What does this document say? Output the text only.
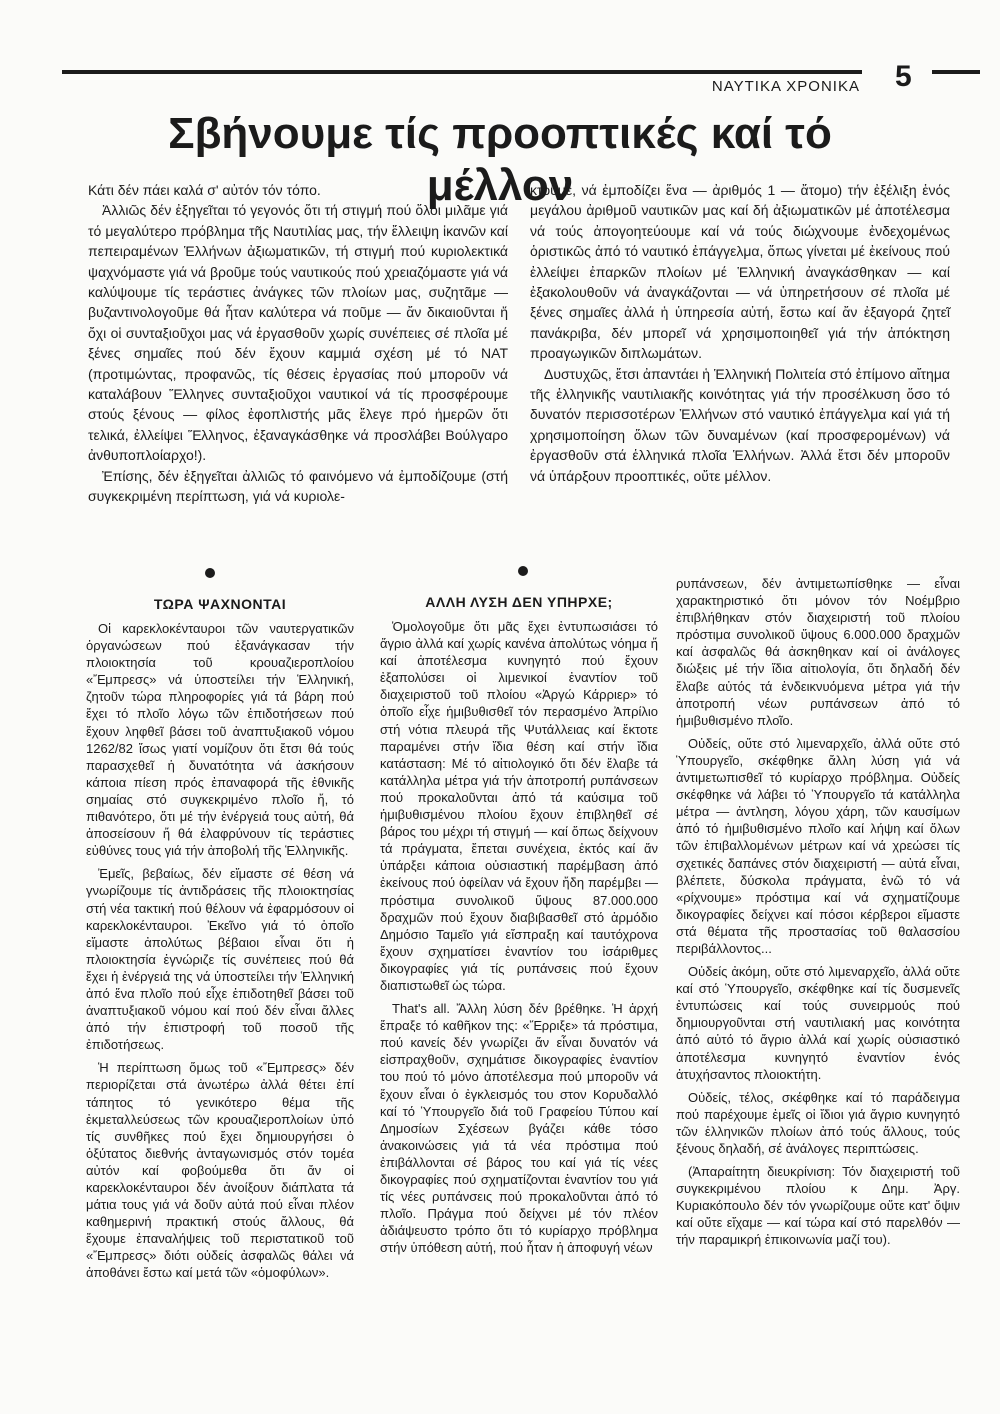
ΝΑΥΤΙΚΑ ΧΡΟΝΙΚΑ 5
Σβήνουμε τίς προοπτικές καί τό μέλλον

Κάτι δέν πάει καλά σ' αὐτόν τόν τόπο.

Ἀλλιῶς δέν ἐξηγεῖται τό γεγονός ὅτι τή στιγμή πού ὅλοι μιλᾶμε γιά τό μεγαλύτερο πρόβλημα τῆς Ναυτιλίας μας, τήν ἔλλειψη ἱκανῶν καί πεπειραμένων Ἑλλήνων ἀξιωματικῶν, τή στιγμή πού κυριολεκτικά ψαχνόμαστε γιά νά βροῦμε τούς ναυτικούς πού χρειαζόμαστε γιά νά καλύψουμε τίς τεράστιες ἀνάγκες τῶν πλοίων μας, συζητᾶμε — βυζαντινολογοῦμε θά ἦταν καλύτερα νά ποῦμε — ἄν δικαιοῦνται ἤ ὄχι οἱ συνταξιοῦχοι μας νά ἐργασθοῦν χωρίς συνέπειες σέ πλοῖα μέ ξένες σημαῖες πού δέν ἔχουν καμμιά σχέση μέ τό ΝΑΤ (προτιμώντας, προφανῶς, τίς θέσεις ἐργασίας πού μποροῦν νά καταλάβουν Ἕλληνες συνταξιοῦχοι ναυτικοί νά τίς προσφέρουμε στούς ξένους — φίλος ἐφοπλιστής μᾶς ἔλεγε πρό ἡμερῶν ὅτι τελικά, ἐλλείψει Ἕλληνος, ἐξαναγκάσθηκε νά προσλάβει Βούλγαρο ἀνθυποπλοίαρχο!).

Ἐπίσης, δέν ἐξηγεῖται ἀλλιῶς τό φαινόμενο νά ἐμποδίζουμε (στή συγκεκριμένη περίπτωση, γιά νά κυριολε-

κτοῦμε, νά ἐμποδίζει ἕνα — ἀριθμός 1 — ἄτομο) τήν ἐξέλιξη ἑνός μεγάλου ἀριθμοῦ ναυτικῶν μας καί δή ἀξιωματικῶν μέ ἀποτέλεσμα νά τούς ἀπογοητεύουμε καί νά τούς διώχνουμε ἐνδεχομένως ὁριστικῶς ἀπό τό ναυτικό ἐπάγγελμα, ὅπως γίνεται μέ ἐκείνους πού ἐλλείψει ἐπαρκῶν πλοίων μέ Ἑλληνική ἀναγκάσθηκαν — καί ἐξακολουθοῦν νά ἀναγκάζονται — νά ὑπηρετήσουν σέ πλοῖα μέ ξένες σημαῖες ἀλλά ἡ ὑπηρεσία αὐτή, ἔστω καί ἄν ἐξαγορά ζητεῖ πανάκριβα, δέν μπορεῖ νά χρησιμοποιηθεῖ γιά τήν ἀπόκτηση προαγωγικῶν διπλωμάτων.

Δυστυχῶς, ἔτσι ἀπαντάει ἡ Ἑλληνική Πολιτεία στό ἐπίμονο αἴτημα τῆς ἑλληνικῆς ναυτιλιακῆς κοινότητας γιά τήν προσέλκυση ὅσο τό δυνατόν περισσοτέρων Ἑλλήνων στό ναυτικό ἐπάγγελμα καί γιά τή χρησιμοποίηση ὅλων τῶν δυναμένων (καί προσφερομένων) νά ἐργασθοῦν στά ἑλληνικά πλοῖα Ἑλλήνων. Ἀλλά ἔτσι δέν μποροῦν νά ὑπάρξουν προοπτικές, οὔτε μέλλον.

ΤΩΡΑ ΨΑΧΝΟΝΤΑΙ

Οἱ καρεκλοκένταυροι τῶν ναυτεργατικῶν ὀργανώσεων πού ἐξανάγκασαν τήν πλοιοκτησία τοῦ κρουαζιεροπλοίου «Ἔμπρεσς» νά ὑποστείλει τήν Ἑλληνική, ζητοῦν τώρα πληροφορίες γιά τά βάρη πού ἔχει τό πλοῖο λόγω τῶν ἐπιδοτήσεων πού ἔχουν ληφθεῖ βάσει τοῦ ἀναπτυξιακοῦ νόμου 1262/82 ἴσως γιατί νομίζουν ὅτι ἔτσι θά τούς παρασχεθεῖ ἡ δυνατότητα νά ἀσκήσουν κάποια πίεση πρός ἐπαναφορά τῆς ἐθνικῆς σημαίας στό συγκεκριμένο πλοῖο ἤ, τό πιθανότερο, ὅτι μέ τήν ἐνέργειά τους αὐτή, θά ἀποσείσουν ἤ θά ἐλαφρύνουν τίς τεράστιες εὐθύνες τους γιά τήν ἀποβολή τῆς Ἑλληνικῆς.

Ἐμεῖς, βεβαίως, δέν εἴμαστε σέ θέση νά γνωρίζουμε τίς ἀντιδράσεις τῆς πλοιοκτησίας στή νέα τακτική πού θέλουν νά ἐφαρμόσουν οἱ καρεκλοκένταυροι. Ἐκεῖνο γιά τό ὁποῖο εἴμαστε ἀπολύτως βέβαιοι εἶναι ὅτι ἡ πλοιοκτησία ἐγνώριζε τίς συνέπειες πού θά ἔχει ἡ ἐνέργειά της νά ὑποστείλει τήν Ἑλληνική ἀπό ἕνα πλοῖο πού εἶχε ἐπιδοτηθεῖ βάσει τοῦ ἀναπτυξιακοῦ νόμου καί πού δέν εἶναι ἄλλες ἀπό τήν ἐπιστροφή τοῦ ποσοῦ τῆς ἐπιδοτήσεως.

Ἡ περίπτωση ὅμως τοῦ «Ἔμπρεσς» δέν περιορίζεται στά ἀνωτέρω ἀλλά θέτει ἐπί τάπητος τό γενικότερο θέμα τῆς ἐκμεταλλεύσεως τῶν κρουαζιεροπλοίων ὑπό τίς συνθῆκες πού ἔχει δημιουργήσει ὁ ὀξύτατος διεθνής ἀνταγωνισμός στόν τομέα αὐτόν καί φοβούμεθα ὅτι ἄν οἱ καρεκλοκένταυροι δέν ἀνοίξουν διάπλατα τά μάτια τους γιά νά δοῦν αὐτά πού εἶναι πλέον καθημερινή πρακτική στούς ἄλλους, θά ἔχουμε ἐπαναλήψεις τοῦ περιστατικοῦ τοῦ «Ἔμπρεσς» διότι οὐδείς ἀσφαλῶς θάλει νά ἀποθάνει ἔστω καί μετά τῶν «ὁμοφύλων».

ΑΛΛΗ ΛΥΣΗ ΔΕΝ ΥΠΗΡΧΕ;

Ὁμολογοῦμε ὅτι μᾶς ἔχει ἐντυπωσιάσει τό ἄγριο ἀλλά καί χωρίς κανένα ἀπολύτως νόημα ἤ καί ἀποτέλεσμα κυνηγητό πού ἔχουν ἐξαπολύσει οἱ λιμενικοί ἐναντίον τοῦ διαχειριστοῦ τοῦ πλοίου «Ἀργώ Κάρριερ» τό ὁποῖο εἶχε ἡμιβυθισθεῖ τόν περασμένο Ἀπρίλιο στή νότια πλευρά τῆς Ψυτάλλειας καί ἔκτοτε παραμένει στήν ἴδια θέση καί στήν ἴδια κατάσταση: Μέ τό αἰτιολογικό ὅτι δέν ἔλαβε τά κατάλληλα μέτρα γιά τήν ἀποτροπή ρυπάνσεων πού προκαλοῦνται ἀπό τά καύσιμα τοῦ ἡμιβυθισμένου πλοίου ἔχουν ἐπιβληθεῖ σέ βάρος του μέχρι τή στιγμή — καί ὅπως δείχνουν τά πράγματα, ἔπεται συνέχεια, ἐκτός καί ἄν ὑπάρξει κάποια οὐσιαστική παρέμβαση ἀπό ἐκείνους πού ὀφείλαν νά ἔχουν ἤδη παρέμβει — πρόστιμα συνολικοῦ ὕψους 87.000.000 δραχμῶν πού ἔχουν διαβιβασθεῖ στό ἁρμόδιο Δημόσιο Ταμεῖο γιά εἴσπραξη καί ταυτόχρονα ἔχουν σχηματίσει ἐναντίον του ἰσάριθμες δικογραφίες γιά τίς ρυπάνσεις πού ἔχουν διαπιστωθεῖ ὡς τώρα.

That's all. Ἄλλη λύση δέν βρέθηκε. Ἡ ἀρχή ἔπραξε τό καθῆκον της: «Ἔρριξε» τά πρόστιμα, πού κανείς δέν γνωρίζει ἄν εἶναι δυνατόν νά εἰσπραχθοῦν, σχημάτισε δικογραφίες ἐναντίον του πού τό μόνο ἀποτέλεσμα πού μποροῦν νά ἔχουν εἶναι ὁ ἐγκλεισμός του στον Κορυδαλλό καί τό Ὑπουργεῖο διά τοῦ Γραφείου Τύπου καί Δημοσίων Σχέσεων βγάζει κάθε τόσο ἀνακοινώσεις γιά τά νέα πρόστιμα πού ἐπιβάλλονται σέ βάρος του καί γιά τίς νέες δικογραφίες πού σχηματίζονται ἐναντίον του γιά τίς νέες ρυπάνσεις πού προκαλοῦνται ἀπό τό πλοῖο. Πράγμα πού δείχνει μέ τόν πλέον ἀδιάψευστο τρόπο ὅτι τό κυρίαρχο πρόβλημα στήν ὑπόθεση αὐτή, πού ἦταν ἡ ἀποφυγή νέων

ρυπάνσεων, δέν ἀντιμετωπίσθηκε — εἶναι χαρακτηριστικό ὅτι μόνον τόν Νοέμβριο ἐπιβλήθηκαν στόν διαχειριστή τοῦ πλοίου πρόστιμα συνολικοῦ ὕψους 6.000.000 δραχμῶν καί ἀσφαλῶς θά ἀσκηθηκαν καί οἱ ἀνάλογες διώξεις μέ τήν ἴδια αἰτιολογία, ὅτι δηλαδή δέν ἔλαβε αὐτός τά ἐνδεικνυόμενα μέτρα γιά τήν ἀποτροπή νέων ρυπάνσεων ἀπό τό ἡμιβυθισμένο πλοῖο.

Οὐδείς, οὔτε στό λιμεναρχεῖο, ἀλλά οὔτε στό Ὑπουργεῖο, σκέφθηκε ἄλλη λύση γιά νά ἀντιμετωπισθεῖ τό κυρίαρχο πρόβλημα. Οὐδείς σκέφθηκε νά λάβει τό Ὑπουργεῖο τά κατάλληλα μέτρα — ἀντληση, λόγου χάρη, τῶν καυσίμων ἀπό τό ἡμιβυθισμένο πλοῖο καί λήψη καί ὅλων τῶν ἐπιβαλλομένων μέτρων καί νά χρεώσει τίς σχετικές δαπάνες στόν διαχειριστή — αὐτά εἶναι, βλέπετε, δύσκολα πράγματα, ἐνῶ τό νά «ρίχνουμε» πρόστιμα καί νά σχηματίζουμε δικογραφίες δείχνει καί πόσοι κέρβεροι εἴμαστε στά θέματα τῆς προστασίας τοῦ θαλασσίου περιβάλλοντος...

Οὐδείς ἀκόμη, οὔτε στό λιμεναρχεῖο, ἀλλά οὔτε καί στό Ὑπουργεῖο, σκέφθηκε καί τίς δυσμενεῖς ἐντυπώσεις καί τούς συνειρμούς πού δημιουργοῦνται στή ναυτιλιακή μας κοινότητα ἀπό αὐτό τό ἄγριο ἀλλά καί χωρίς οὐσιαστικό ἀποτέλεσμα κυνηγητό ἐναντίον ἑνός ἀτυχήσαντος πλοιοκτήτη.

Οὐδείς, τέλος, σκέφθηκε καί τό παράδειγμα πού παρέχουμε ἐμεῖς οἱ ἴδιοι γιά ἄγριο κυνηγητό τῶν ἑλληνικῶν πλοίων ἀπό τούς ἄλλους, τούς ξένους δηλαδή, σέ ἀνάλογες περιπτώσεις.

(Ἀπαραίτητη διευκρίνιση: Τόν διαχειριστή τοῦ συγκεκριμένου πλοίου κ Δημ. Ἀργ. Κυριακόπουλο δέν τόν γνωρίζουμε οὔτε κατ' ὄψιν καί οὔτε εἴχαμε — καί τώρα καί στό παρελθόν — τήν παραμικρή ἐπικοινωνία μαζί του).
